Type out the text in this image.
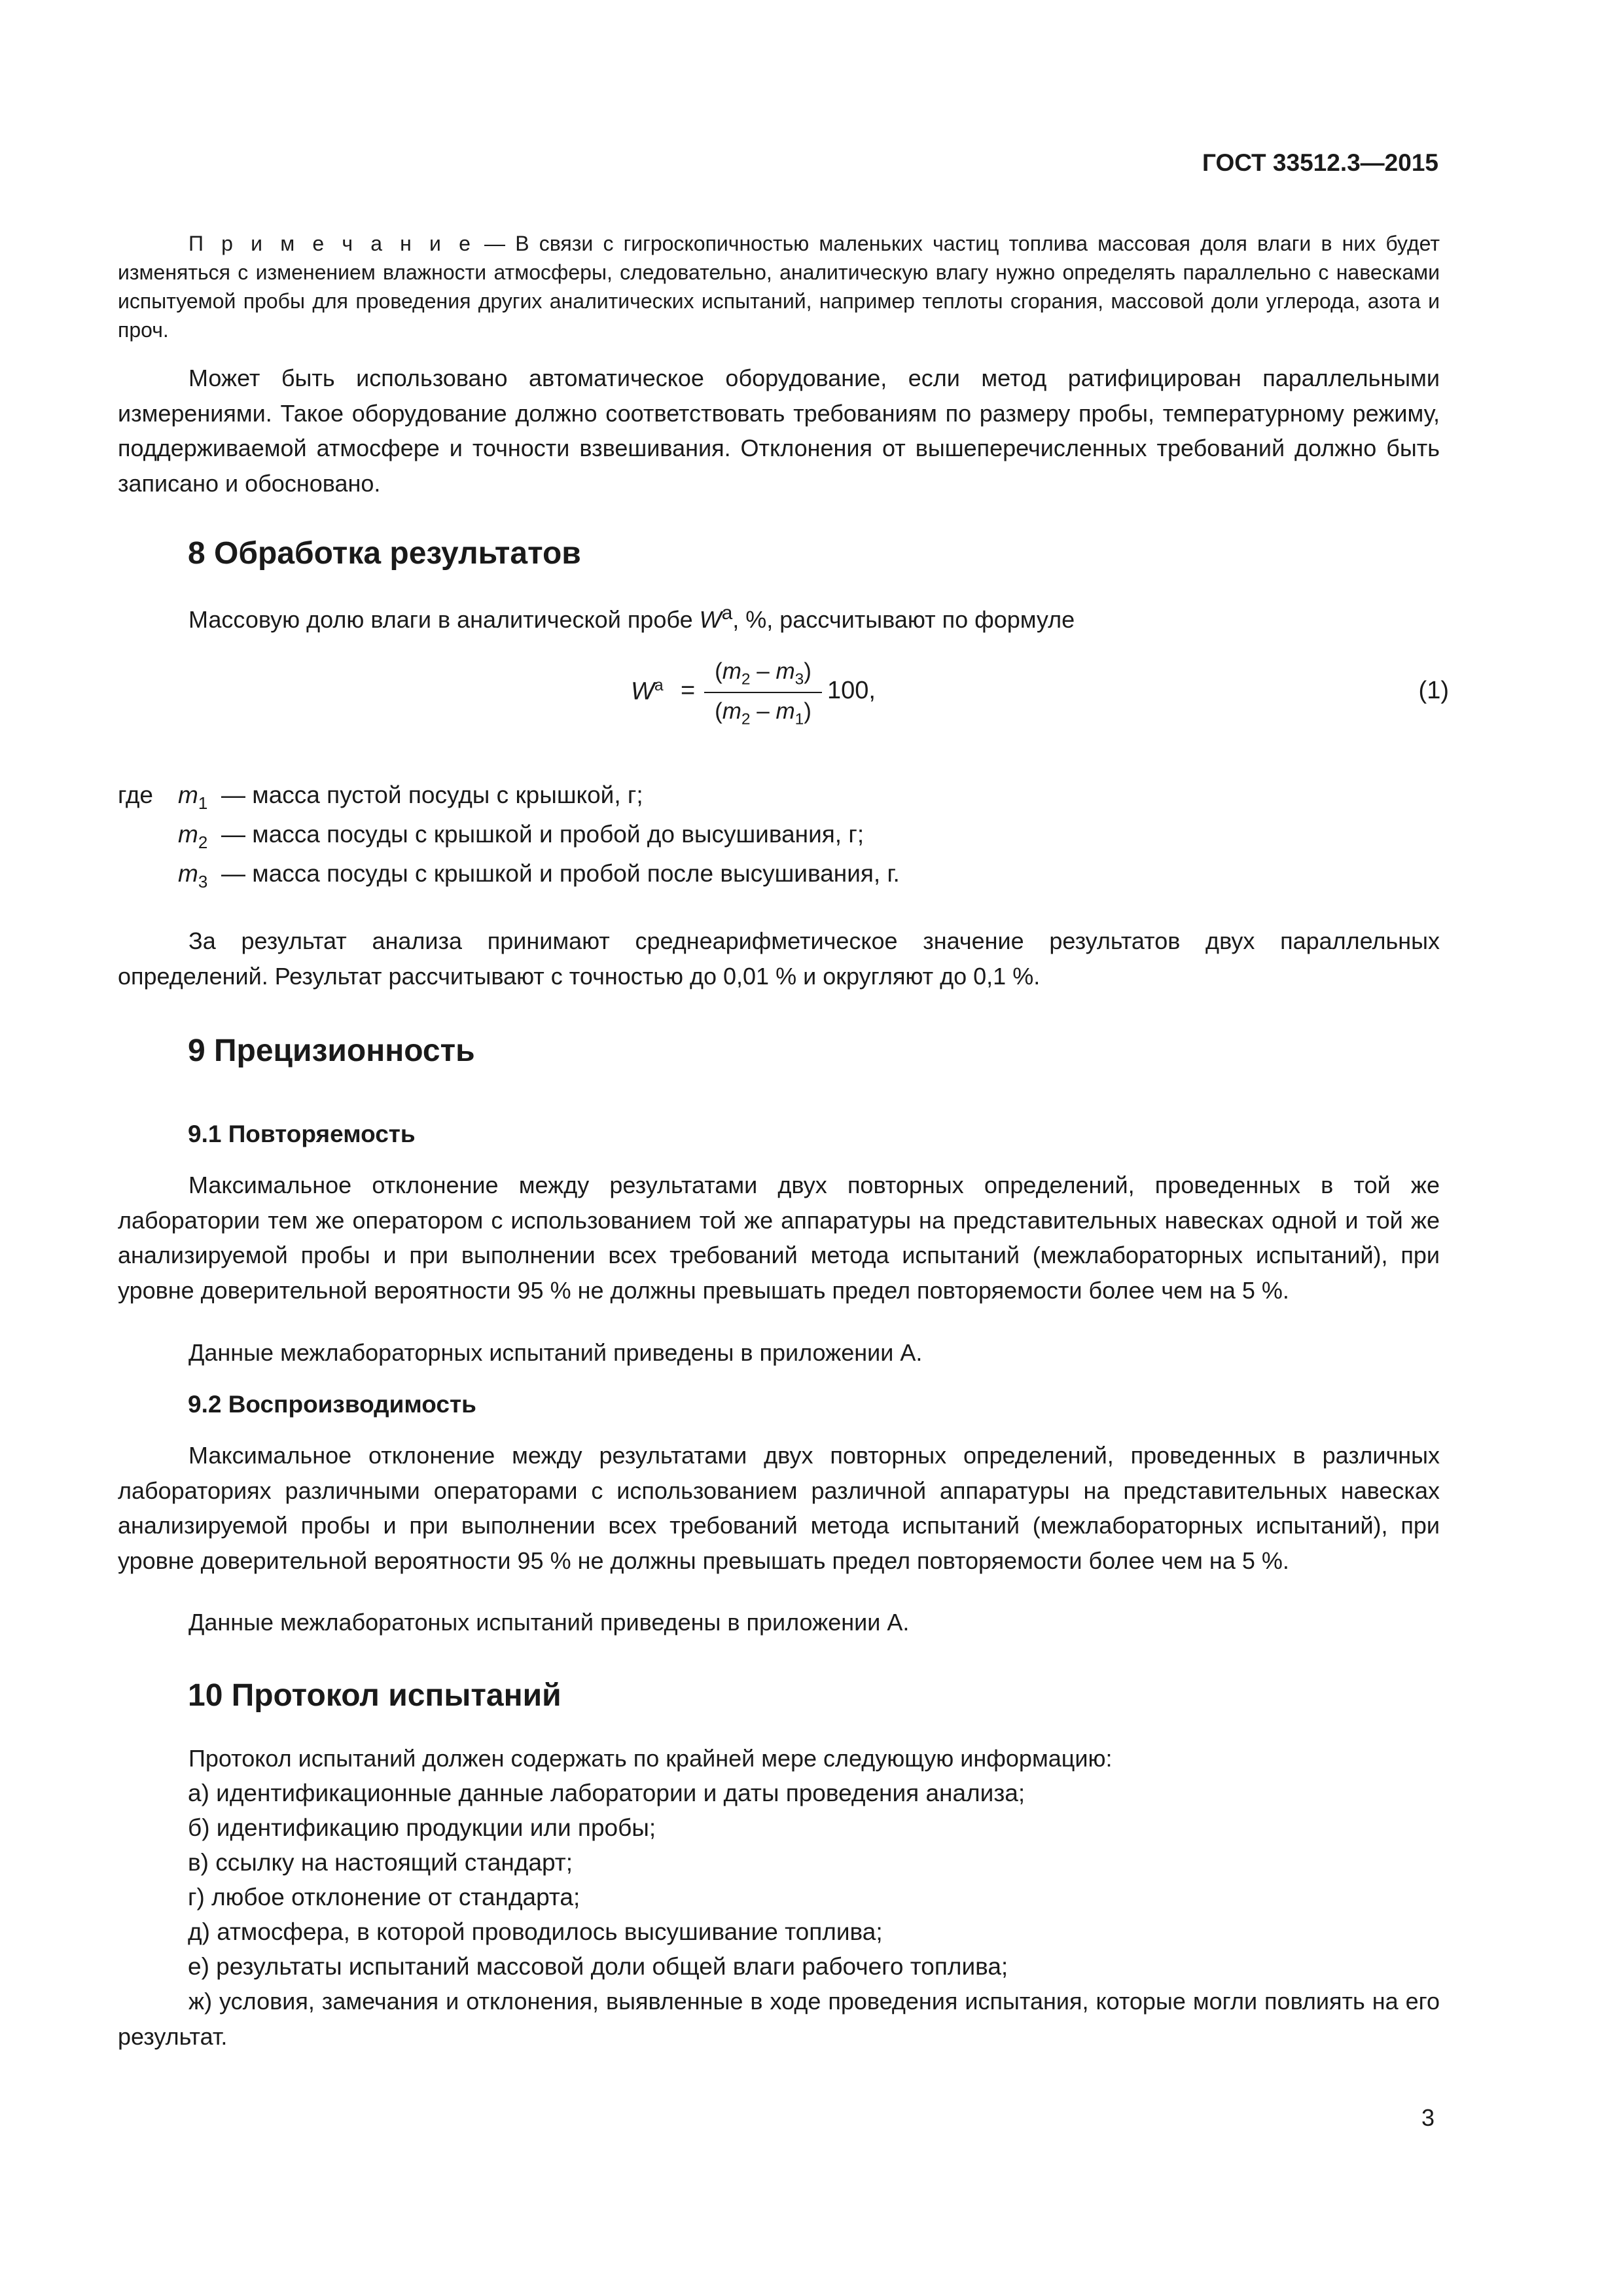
ГОСТ 33512.3—2015

П р и м е ч а н и е — В связи с гигроскопичностью маленьких частиц топлива массовая доля влаги в них будет изменяться с изменением влажности атмосферы, следовательно, аналитическую влагу нужно определять параллельно с навесками испытуемой пробы для проведения других аналитических испытаний, например теплоты сгорания, массовой доли углерода, азота и проч.

Может быть использовано автоматическое оборудование, если метод ратифицирован параллельными измерениями. Такое оборудование должно соответствовать требованиям по размеру пробы, температурному режиму, поддерживаемой атмосфере и точности взвешивания. Отклонения от вышеперечисленных требований должно быть записано и обосновано.

8 Обработка результатов

Массовую долю влаги в аналитической пробе $W^a$, %, рассчитывают по формуле

$W^a = \frac{(m_2 - m_3)}{(m_2 - m_1)} 100$,	(1)
где $m_1$ — масса пустой посуды с крышкой, г;
$m_2$ — масса посуды с крышкой и пробой до высушивания, г;
$m_3$ — масса посуды с крышкой и пробой после высушивания, г.

За результат анализа принимают среднеарифметическое значение результатов двух параллельных определений. Результат рассчитывают с точностью до 0,01 % и округляют до 0,1 %.

9 Прецизионность
9.1 Повторяемость

Максимальное отклонение между результатами двух повторных определений, проведенных в той же лаборатории тем же оператором с использованием той же аппаратуры на представительных навесках одной и той же анализируемой пробы и при выполнении всех требований метода испытаний (межлабораторных испытаний), при уровне доверительной вероятности 95 % не должны превышать предел повторяемости более чем на 5 %.

Данные межлабораторных испытаний приведены в приложении А.

9.2 Воспроизводимость

Максимальное отклонение между результатами двух повторных определений, проведенных в различных лабораториях различными операторами с использованием различной аппаратуры на представительных навесках анализируемой пробы и при выполнении всех требований метода испытаний (межлабораторных испытаний), при уровне доверительной вероятности 95 % не должны превышать предел повторяемости более чем на 5 %.

Данные межлаборатоных испытаний приведены в приложении А.

10 Протокол испытаний

Протокол испытаний должен содержать по крайней мере следующую информацию:

а) идентификационные данные лаборатории и даты проведения анализа;
б) идентификацию продукции или пробы;
в) ссылку на настоящий стандарт;
г) любое отклонение от стандарта;
д) атмосфера, в которой проводилось высушивание топлива;
е) результаты испытаний массовой доли общей влаги рабочего топлива;

ж) условия, замечания и отклонения, выявленные в ходе проведения испытания, которые могли повлиять на его результат.

3
